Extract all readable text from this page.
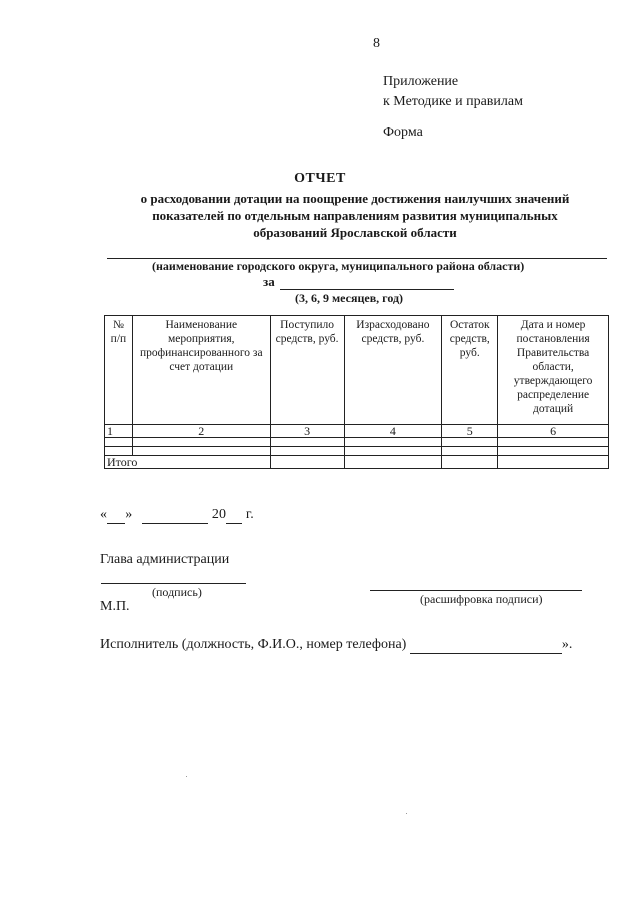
8
Приложение
к Методике и правилам
Форма
ОТЧЕТ
о расходовании дотации на поощрение достижения наилучших значений
показателей по отдельным направлениям развития муниципальных
образований Ярославской области
(наименование городского округа, муниципального района области)
за
(3, 6, 9 месяцев, год)
№ п/п	Наименование мероприятия, профинансированного за счет дотации	Поступило средств, руб.	Израсходовано средств, руб.	Остаток средств, руб.	Дата и номер постановления Правительства области, утверждающего распределение дотаций
1	2	3	4	5	6

Итого					
« »	20 г.
Глава администрации
(подпись)	(расшифровка подписи)
М.П.
Исполнитель (должность, Ф.И.О., номер телефона)	».
